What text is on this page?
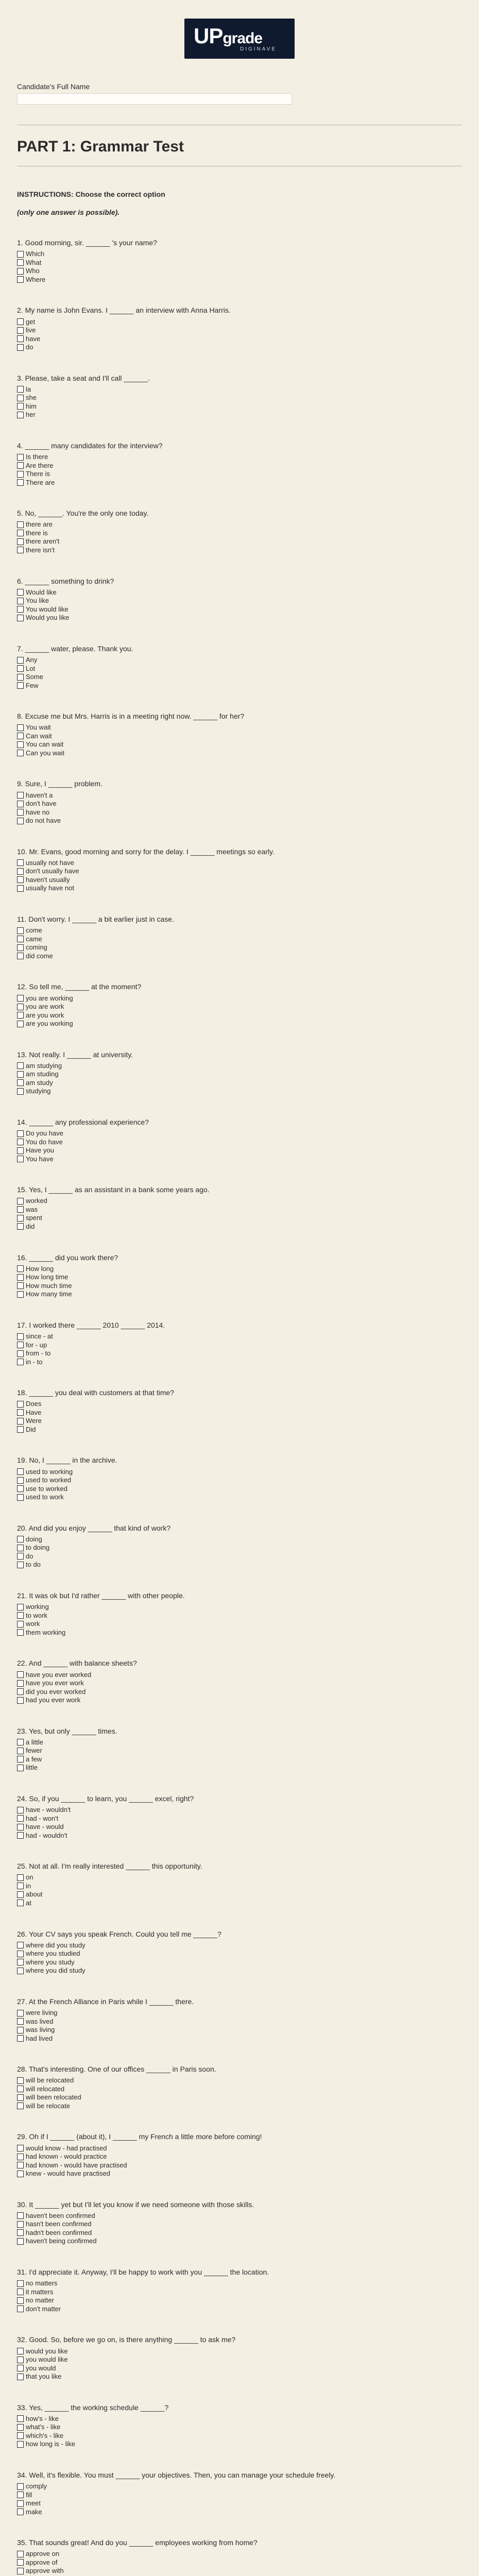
UPgrade
DIGINAVE
Candidate's Full Name
PART 1: Grammar Test
INSTRUCTIONS: Choose the correct option
(only one answer is possible).
1. Good morning, sir. ______ 's your name?
Which
What
Who
Where
2. My name is John Evans. I ______ an interview with Anna Harris.
get
live
have
do
3. Please, take a seat and I'll call ______.
la
she
him
her
4. ______ many candidates for the interview?
Is there
Are there
There is
There are
5. No, ______. You're the only one today.
there are
there is
there aren't
there isn't
6. ______ something to drink?
Would like
You like
You would like
Would you like
7. ______ water, please. Thank you.
Any
Lot
Some
Few
8. Excuse me but Mrs. Harris is in a meeting right now. ______ for her?
You wait
Can wait
You can wait
Can you wait
9. Sure, I ______ problem.
haven't a
don't have
have no
do not have
10. Mr. Evans, good morning and sorry for the delay. I ______ meetings so early.
usually not have
don't usually have
haven't usually
usually have not
11. Don't worry. I ______ a bit earlier just in case.
come
came
coming
did come
12. So tell me, ______ at the moment?
you are working
you are work
are you work
are you working
13. Not really. I ______ at university.
am studying
am studing
am study
studying
14. ______ any professional experience?
Do you have
You do have
Have you
You have
15. Yes, I ______ as an assistant in a bank some years ago.
worked
was
spent
did
16. ______ did you work there?
How long
How long time
How much time
How many time
17. I worked there ______ 2010 ______ 2014.
since - at
for - up
from - to
in - to
18. ______ you deal with customers at that time?
Does
Have
Were
Did
19. No, I ______ in the archive.
used to working
used to worked
use to worked
used to work
20. And did you enjoy ______ that kind of work?
doing
to doing
do
to do
21. It was ok but I'd rather ______ with other people.
working
to work
work
them working
22. And ______ with balance sheets?
have you ever worked
have you ever work
did you ever worked
had you ever work
23. Yes, but only ______ times.
a little
fewer
a few
little
24. So, if you ______ to learn, you ______ excel, right?
have - wouldn't
had - won't
have - would
had - wouldn't
25. Not at all. I'm really interested ______ this opportunity.
on
in
about
at
26. Your CV says you speak French. Could you tell me ______?
where did you study
where you studied
where you study
where you did study
27. At the French Alliance in Paris while I ______ there.
were living
was lived
was living
had lived
28. That's interesting. One of our offices ______ in Paris soon.
will be relocated
will relocated
will been relocated
will be relocate
29. Oh if I ______ (about it), I ______ my French a little more before coming!
would know - had practised
had known - would practice
had known - would have practised
knew - would have practised
30. It ______ yet but I'll let you know if we need someone with those skills.
haven't been confirmed
hasn't been confirmed
hadn't been confirmed
haven't being confirmed
31. I'd appreciate it. Anyway, I'll be happy to work with you ______ the location.
no matters
it matters
no matter
don't matter
32. Good. So, before we go on, is there anything ______ to ask me?
would you like
you would like
you would
that you like
33. Yes, ______ the working schedule ______?
how's - like
what's - like
which's - like
how long is - like
34. Well, it's flexible. You must ______ your objectives. Then, you can manage your schedule freely.
comply
fill
meet
make
35. That sounds great! And do you ______ employees working from home?
approve on
approve of
approve with
